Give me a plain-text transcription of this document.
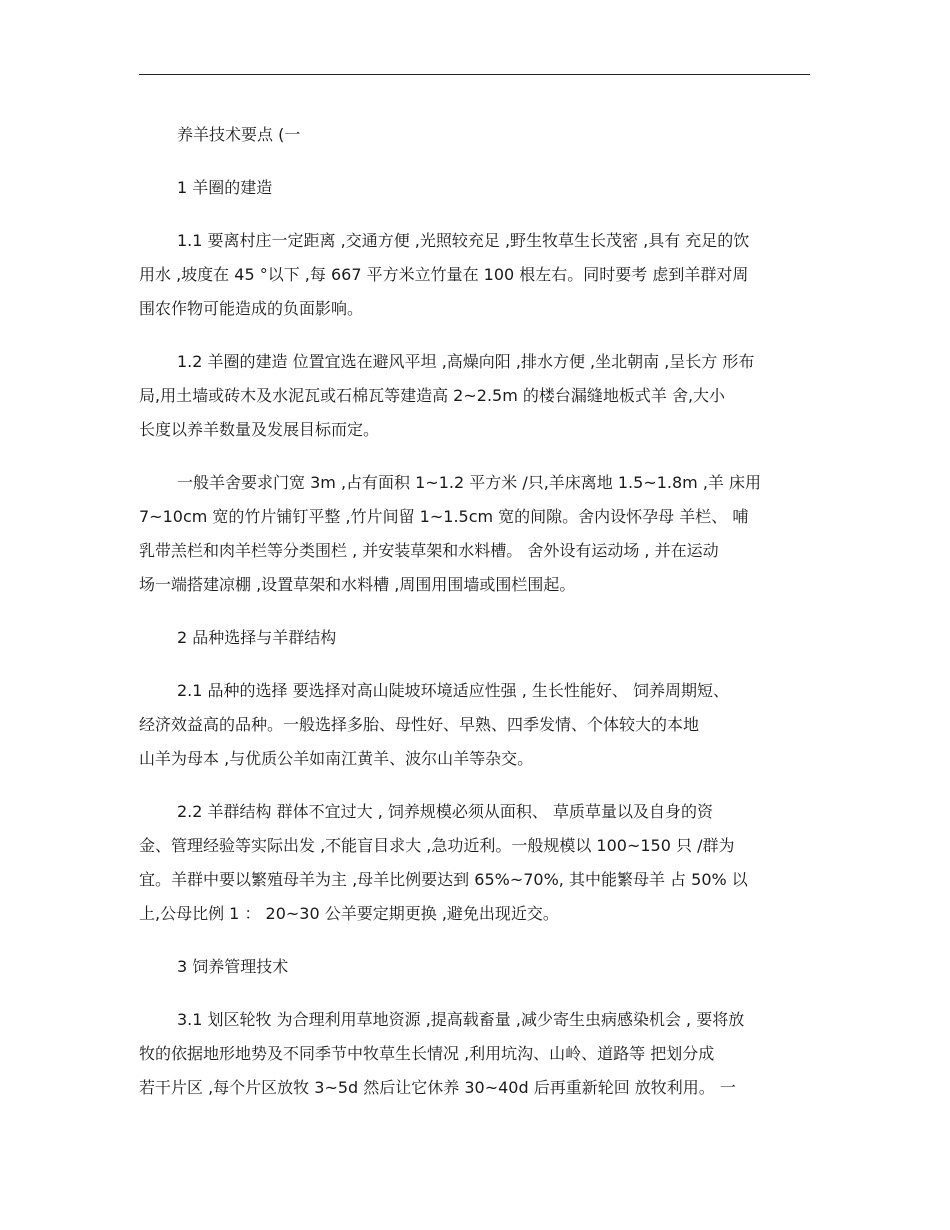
养羊技术要点 (一
1 羊圈的建造
1.1 要离村庄一定距离 ,交通方便 ,光照较充足 ,野生牧草生长茂密 ,具有 充足的饮
用水 ,坡度在 45 °以下 ,每 667 平方米立竹量在 100 根左右。同时要考 虑到羊群对周
围农作物可能造成的负面影响。
1.2 羊圈的建造 位置宜选在避风平坦 ,高燥向阳 ,排水方便 ,坐北朝南 ,呈长方 形布
局,用土墙或砖木及水泥瓦或石棉瓦等建造高 2~2.5m 的楼台漏缝地板式羊 舍,大小
长度以养羊数量及发展目标而定。
一般羊舍要求门宽 3m ,占有面积 1~1.2 平方米 /只,羊床离地 1.5~1.8m ,羊 床用
7~10cm 宽的竹片铺钉平整 ,竹片间留 1~1.5cm 宽的间隙。舍内设怀孕母 羊栏、 哺
乳带羔栏和肉羊栏等分类围栏 , 并安装草架和水料槽。 舍外设有运动场 , 并在运动
场一端搭建凉棚 ,设置草架和水料槽 ,周围用围墙或围栏围起。
2 品种选择与羊群结构
2.1 品种的选择 要选择对高山陡坡环境适应性强 , 生长性能好、 饲养周期短、
经济效益高的品种。一般选择多胎、母性好、早熟、四季发情、个体较大的本地
山羊为母本 ,与优质公羊如南江黄羊、波尔山羊等杂交。
2.2 羊群结构 群体不宜过大 , 饲养规模必须从面积、 草质草量以及自身的资
金、管理经验等实际出发 ,不能盲目求大 ,急功近利。一般规模以 100~150 只 /群为
宜。羊群中要以繁殖母羊为主 ,母羊比例要达到 65%~70%, 其中能繁母羊 占 50% 以
上,公母比例 1 ： 20~30 公羊要定期更换 ,避免出现近交。
3 饲养管理技术
3.1 划区轮牧 为合理利用草地资源 ,提高载畜量 ,减少寄生虫病感染机会 , 要将放
牧的依据地形地势及不同季节中牧草生长情况 ,利用坑沟、山岭、道路等 把划分成
若干片区 ,每个片区放牧 3~5d 然后让它休养 30~40d 后再重新轮回 放牧利用。 一
